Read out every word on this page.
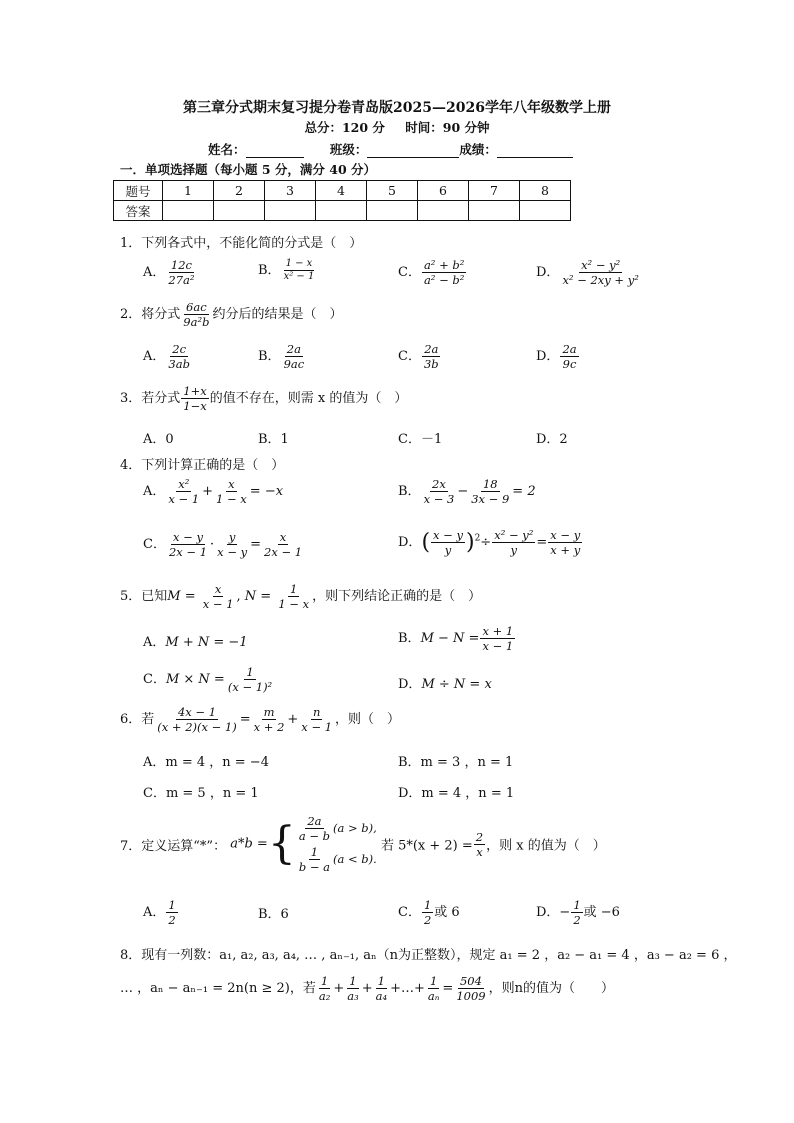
第三章分式期末复习提分卷青岛版2025—2026学年八年级数学上册
总分：120 分 时间：90 分钟
姓名：	班级：	成绩：
一．单项选择题（每小题 5 分，满分 40 分）
题号	1	2	3	4	5	6	7	8
答案								
1．下列各式中，不能化简的分式是（　）
A． $\frac{12c}{\text{27a²}}$	B． $\frac{1 - x}{\text{x² − 1}}$	C． $\frac{\text{a² + b²}}{\text{a² − b²}}$	D． $\frac{\text{x² − y²}}{\text{x² − 2xy + y²}}$
2．将分式 $\frac{6ac}{\text{9a²b}}$ 约分后的结果是（　）
A． $\frac{2c}{3ab}$	B． $\frac{2a}{9ac}$	C． $\frac{2a}{3b}$	D． $\frac{2a}{9c}$
3．若分式 $\frac{1+x}{1-x}$ 的值不存在，则需 x 的值为（　）
A．0	B．1	C．－1	D．2
4．下列计算正确的是（　）
A． $\frac{\text{x²}}{x - 1} + \frac{x}{1 - x} = -x$	B． $\frac{2x}{x - 3} - \frac{18}{3x - 9} = 2$
C． $\frac{x - y}{2x - 1} \cdot \frac{y}{x - y} = \frac{x}{2x - 1}$	D．( $\frac{x - y}{y} )^2\div \frac{\text{x² − y²}}{y} = \frac{x - y}{x + y}$
5．已知$M = \frac{x}{x - 1}$ , $N = \frac{1}{1 - x}$ ，则下列结论正确的是（　）
A．M + N = −1	B．$M - N = \frac{x + 1}{x - 1}$
C．$M \times N = \frac{1}{\text{(x − 1)²}}$	D．M ÷ N = x
6．若 $\frac{4x - 1}{(x + 2)(x - 1)} = \frac{m}{x + 2} + \frac{n}{x - 1}$ ，则（　）
A．m = 4 ，n = −4	B．m = 3 ，n = 1
C．m = 5 ，n = 1	D．m = 4 ，n = 1
7．定义运算“*”： a*b ={ $\frac{2a}{a - b} (a > b)$,
$\frac{1}{b - a} (a < b)$.
若 $5*(x + 2) = \frac{2}{x}$ ，则 x 的值为（　）
A． $\frac{1}{2}$	B．6	C． $\frac{1}{2}$ 或 6	D．− $\frac{1}{2}$ 或 −6
8．现有一列数：a₁, a₂, a₃, a₄, … , aₙ₋₁, aₙ（n为正整数），规定 a₁ = 2 ，a₂ − a₁ = 4 ，a₃ − a₂ = 6 ，
… ，aₙ − aₙ₋₁ = 2n(n ≥ 2)，若 $\frac{1}{\text{a₂}} + \frac{1}{\text{a₃}} + \frac{1}{\text{a₄}}$ +…+ $\frac{1}{\text{aₙ}} = \frac{504}{1009}$ ，则n的值为（　　）
